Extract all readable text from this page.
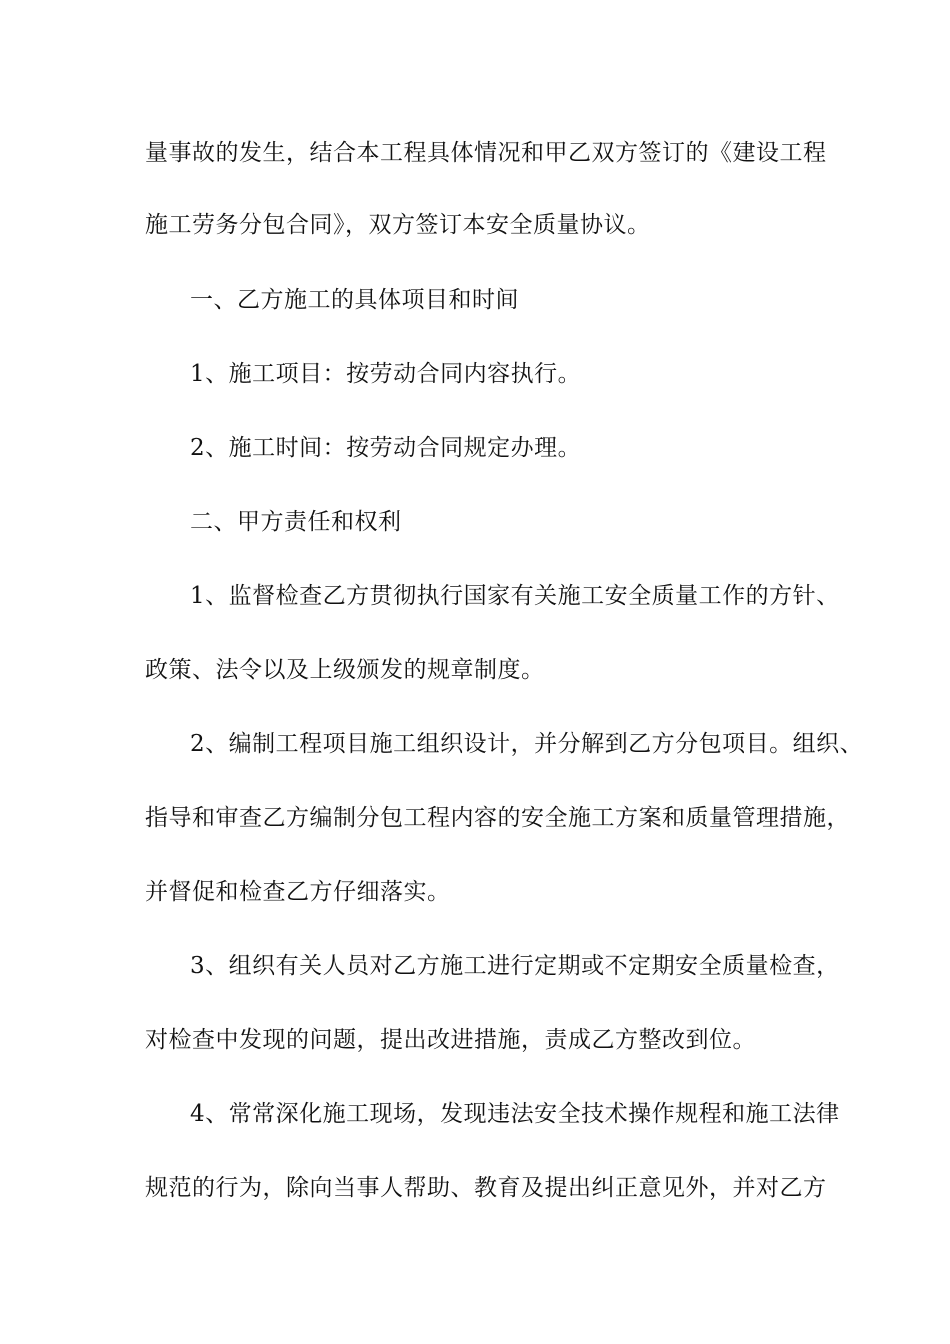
量事故的发生，结合本工程具体情况和甲乙双方签订的《建设工程
施工劳务分包合同》，双方签订本安全质量协议。
一、乙方施工的具体项目和时间
1、施工项目：按劳动合同内容执行。
2、施工时间：按劳动合同规定办理。
二、甲方责任和权利
1、监督检查乙方贯彻执行国家有关施工安全质量工作的方针、
政策、法令以及上级颁发的规章制度。
2、编制工程项目施工组织设计，并分解到乙方分包项目。组织、
指导和审查乙方编制分包工程内容的安全施工方案和质量管理措施，
并督促和检查乙方仔细落实。
3、组织有关人员对乙方施工进行定期或不定期安全质量检查，
对检查中发现的问题，提出改进措施，责成乙方整改到位。
4、常常深化施工现场，发现违法安全技术操作规程和施工法律
规范的行为，除向当事人帮助、教育及提出纠正意见外，并对乙方
